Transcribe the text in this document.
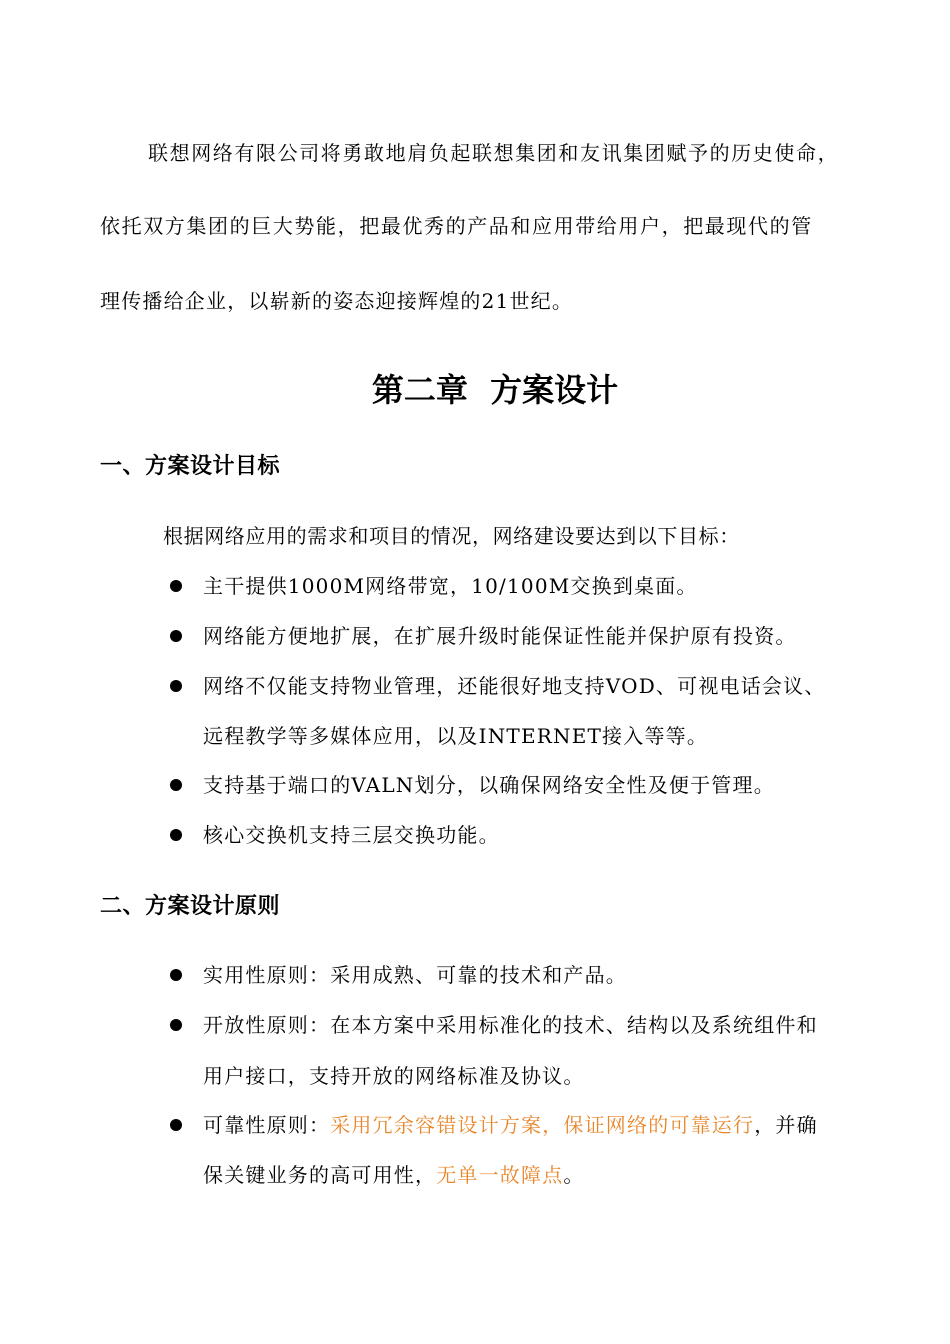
联想网络有限公司将勇敢地肩负起联想集团和友讯集团赋予的历史使命，
依托双方集团的巨大势能，把最优秀的产品和应用带给用户，把最现代的管
理传播给企业，以崭新的姿态迎接辉煌的21世纪。
第二章  方案设计
一、方案设计目标
根据网络应用的需求和项目的情况，网络建设要达到以下目标：
主干提供1000M网络带宽，10/100M交换到桌面。
网络能方便地扩展，在扩展升级时能保证性能并保护原有投资。
网络不仅能支持物业管理，还能很好地支持VOD、可视电话会议、
远程教学等多媒体应用，以及INTERNET接入等等。
支持基于端口的VALN划分，以确保网络安全性及便于管理。
核心交换机支持三层交换功能。
二、方案设计原则
实用性原则：采用成熟、可靠的技术和产品。
开放性原则：在本方案中采用标准化的技术、结构以及系统组件和
用户接口，支持开放的网络标准及协议。
可靠性原则：采用冗余容错设计方案，保证网络的可靠运行，并确
保关键业务的高可用性，无单一故障点。
